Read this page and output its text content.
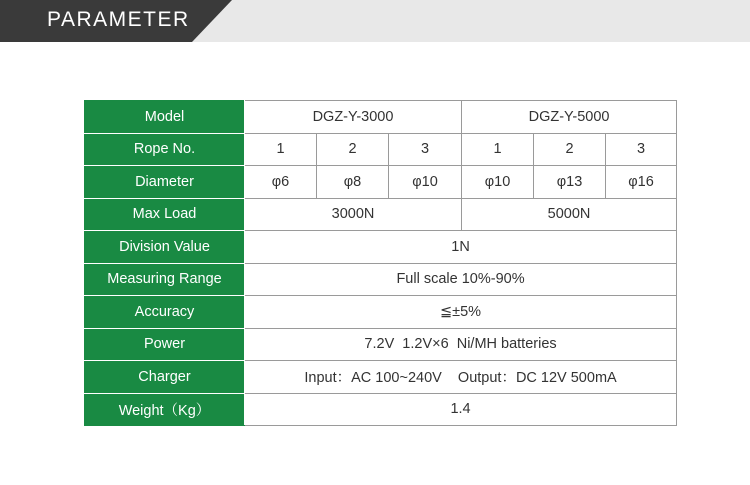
PARAMETER
Model	DGZ-Y-3000			DGZ-Y-5000		
Rope No.	1	2	3	1	2	3
Diameter	φ6	φ8	φ10	φ10	φ13	φ16
Max Load	3000N			5000N		
Division Value	1N					
Measuring Range	Full scale 10%-90%					
Accuracy	≦±5%					
Power	7.2V  1.2V×6  Ni/MH batteries					
Charger	Input：AC 100~240V    Output：DC 12V 500mA					
Weight（Kg）	1.4					
